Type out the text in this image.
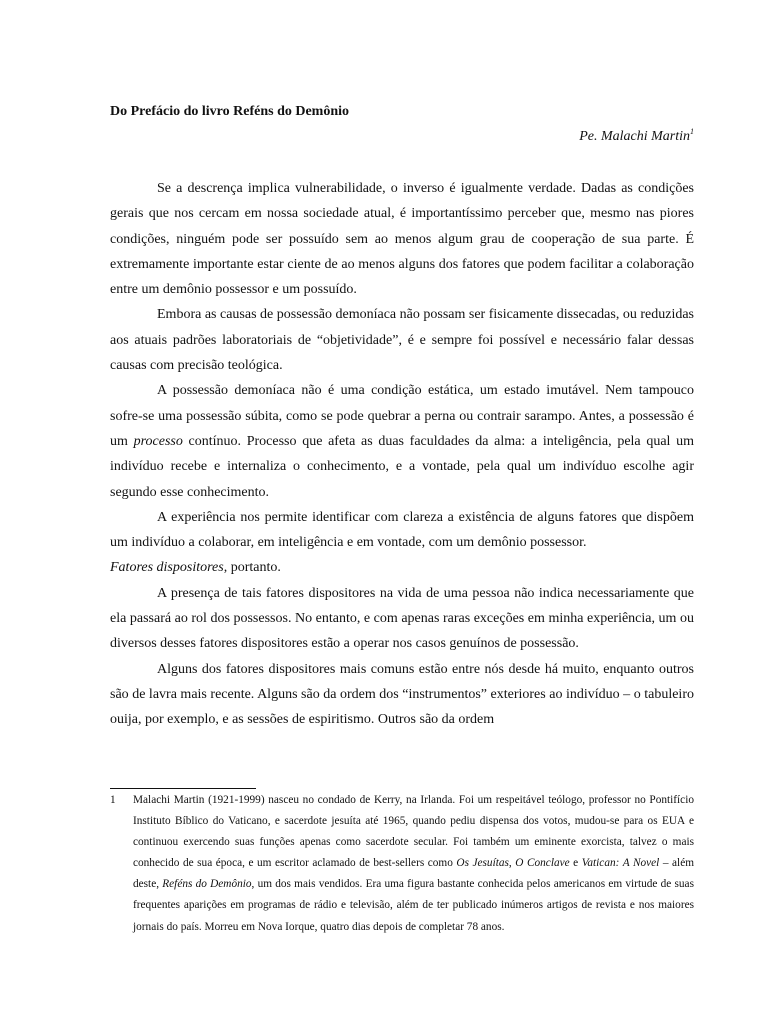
Do Prefácio do livro Reféns do Demônio

Pe. Malachi Martin$^1$

Se a descrença implica vulnerabilidade, o inverso é igualmente verdade. Dadas as condições gerais que nos cercam em nossa sociedade atual, é importantíssimo perceber que, mesmo nas piores condições, ninguém pode ser possuído sem ao menos algum grau de cooperação de sua parte. É extremamente importante estar ciente de ao menos alguns dos fatores que podem facilitar a colaboração entre um demônio possessor e um possuído.

Embora as causas de possessão demoníaca não possam ser fisicamente dissecadas, ou reduzidas aos atuais padrões laboratoriais de “objetividade”, é e sempre foi possível e necessário falar dessas causas com precisão teológica.

A possessão demoníaca não é uma condição estática, um estado imutável. Nem tampouco sofre-se uma possessão súbita, como se pode quebrar a perna ou contrair sarampo. Antes, a possessão é um processo contínuo. Processo que afeta as duas faculdades da alma: a inteligência, pela qual um indivíduo recebe e internaliza o conhecimento, e a vontade, pela qual um indivíduo escolhe agir segundo esse conhecimento.

A experiência nos permite identificar com clareza a existência de alguns fatores que dispõem um indivíduo a colaborar, em inteligência e em vontade, com um demônio possessor.

Fatores dispositores, portanto.

A presença de tais fatores dispositores na vida de uma pessoa não indica necessariamente que ela passará ao rol dos possessos. No entanto, e com apenas raras exceções em minha experiência, um ou diversos desses fatores dispositores estão a operar nos casos genuínos de possessão.

Alguns dos fatores dispositores mais comuns estão entre nós desde há muito, enquanto outros são de lavra mais recente. Alguns são da ordem dos “instrumentos” exteriores ao indivíduo – o tabuleiro ouija, por exemplo, e as sessões de espiritismo. Outros são da ordem

1 Malachi Martin (1921-1999) nasceu no condado de Kerry, na Irlanda. Foi um respeitável teólogo, professor no Pontifício Instituto Bíblico do Vaticano, e sacerdote jesuíta até 1965, quando pediu dispensa dos votos, mudou-se para os EUA e continuou exercendo suas funções apenas como sacerdote secular. Foi também um eminente exorcista, talvez o mais conhecido de sua época, e um escritor aclamado de best-sellers como Os Jesuítas, O Conclave e Vatican: A Novel – além deste, Reféns do Demônio, um dos mais vendidos. Era uma figura bastante conhecida pelos americanos em virtude de suas frequentes aparições em programas de rádio e televisão, além de ter publicado inúmeros artigos de revista e nos maiores jornais do país. Morreu em Nova Iorque, quatro dias depois de completar 78 anos.
